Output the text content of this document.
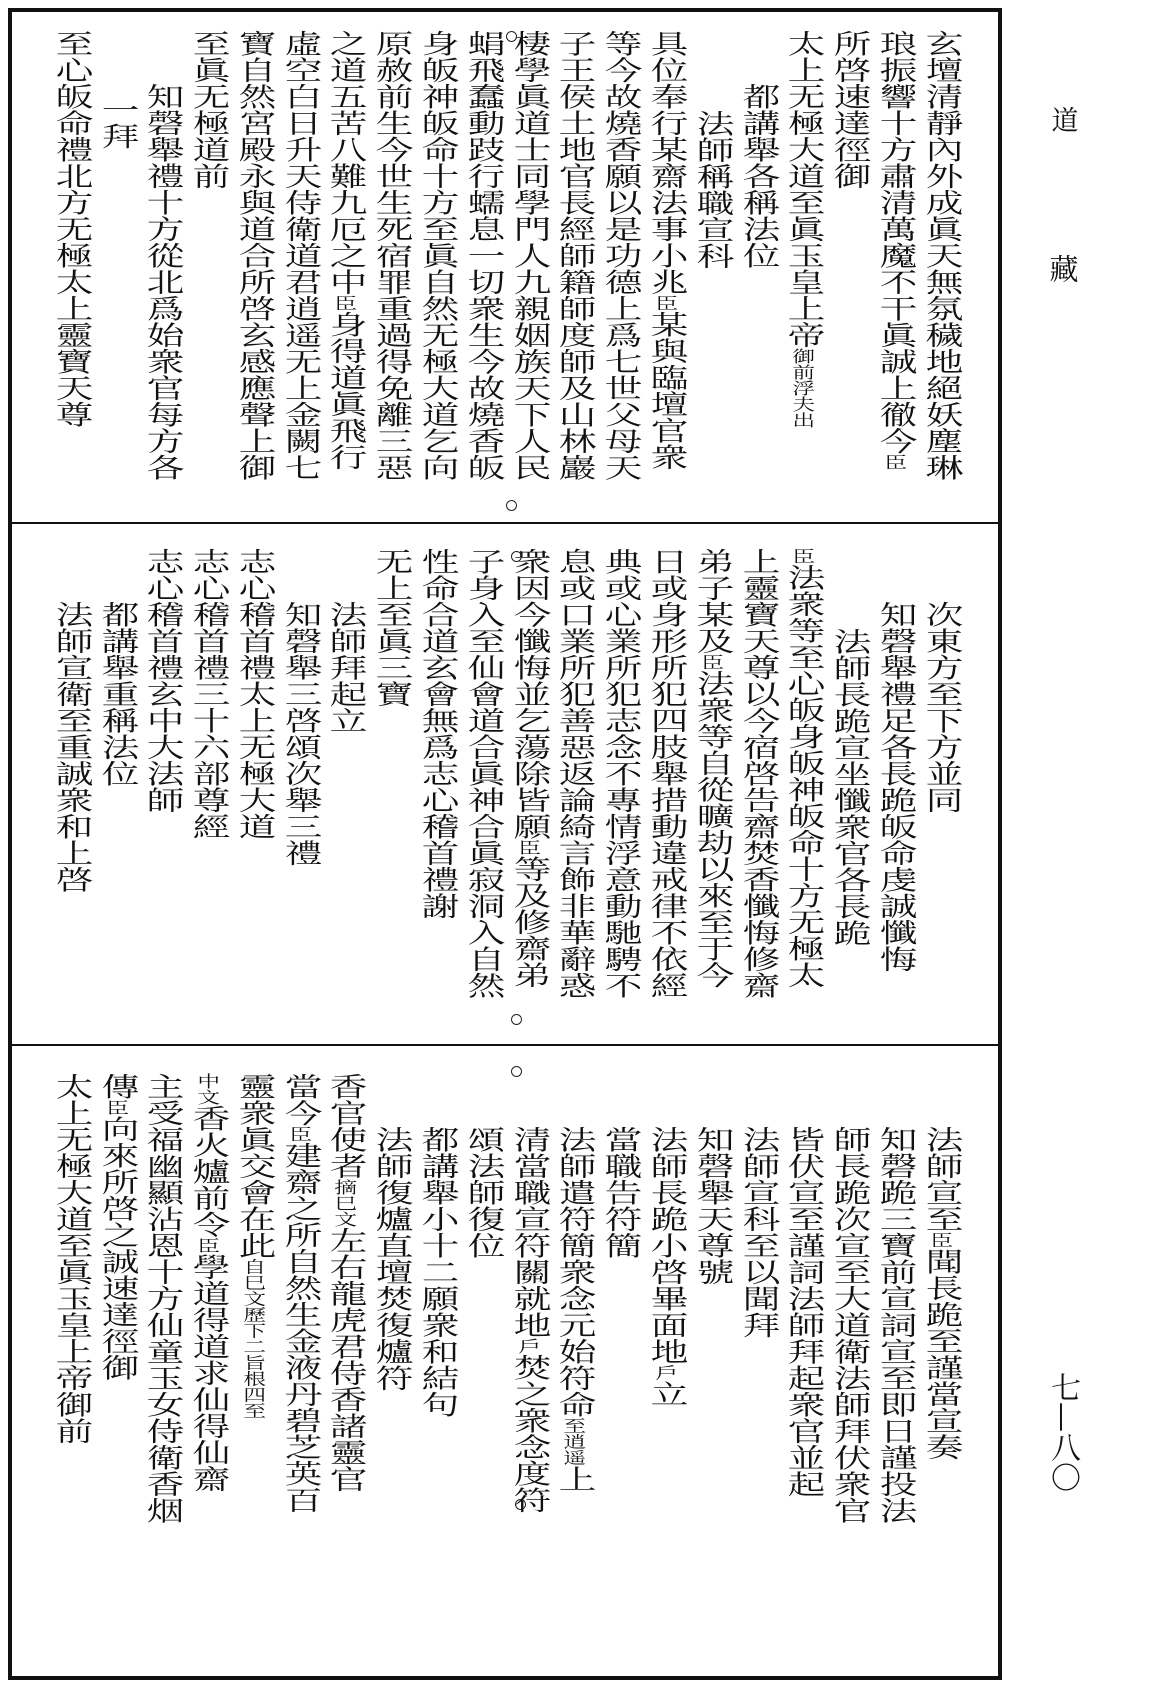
玄壇清靜內外成眞天無氛穢地絕妖塵琳
琅振響十方肅清萬魔不干眞誠上徹今臣
所啓速達徑御
太上无極大道至眞玉皇上帝御前浮夫出
都講舉各稱法位
法師稱職宣科
具位奉行某齋法事小兆臣某與臨壇官衆
等今故燒香願以是功德上爲七世父母天
子王侯土地官長經師籍師度師及山林巖
棲學眞道士同學門人九親姻族天下人民
蜎飛蠢動跂行蠕息一切衆生今故燒香皈
身皈神皈命十方至眞自然无極大道乞向
原赦前生今世生死宿罪重過得免離三惡
之道五苦八難九厄之中臣身得道眞飛行
虛空白日升天侍衛道君逍遥无上金闕七
寶自然宮殿永與道合所啓玄感應聲上御
至眞无極道前
知磬舉禮十方從北爲始衆官每方各
一拜
至心皈命禮北方无極太上靈寶天尊
次東方至下方並同
知磬舉禮足各長跪皈命虔誠懺悔
法師長跪宣坐懺衆官各長跪
臣法衆等至心皈身皈神皈命十方无極太
上靈寶天尊以今宿啓告齋焚香懺悔修齋
弟子某及臣法衆等自從曠劫以來至于今
日或身形所犯四肢舉措動違戒律不依經
典或心業所犯志念不專情浮意動馳騁不
息或口業所犯善惡返論綺言飾非華辭惑
衆因今懺悔並乞蕩除皆願臣等及修齋弟
子身入至仙會道合眞神合眞寂洞入自然
性命合道玄會無爲志心稽首禮謝
无上至眞三寶
法師拜起立
知磬舉三啓頌次舉三禮
志心稽首禮太上无極大道
志心稽首禮三十六部尊經
志心稽首禮玄中大法師
都講舉重稱法位
法師宣衛至重誠衆和上啓
法師宣至臣聞長跪至謹當宣奏
知磬跪三寶前宣詞宣至即日謹投法
師長跪次宣至大道衛法師拜伏衆官
皆伏宣至謹詞法師拜起衆官並起
法師宣科至以聞拜
知磬舉天尊號
法師長跪小啓畢面地戶立
當職告符簡
法師遣符簡衆念元始符命至逍遥上
清當職宣符關就地戶焚之衆念度符
頌法師復位
都講舉小十二願衆和結句
法師復爐直壇焚復爐符
香官使者摘巳文左右龍虎君侍香諸靈官
當今臣建齋之所自然生金液丹碧芝英百
靈衆眞交會在此自巳文歷下二旨根四至
中文香火爐前令臣學道得道求仙得仙齋
主受福幽顯沾恩十方仙童玉女侍衛香烟
傳臣向來所啓之誠速達徑御
太上无極大道至眞玉皇上帝御前
道
藏
七—八〇
